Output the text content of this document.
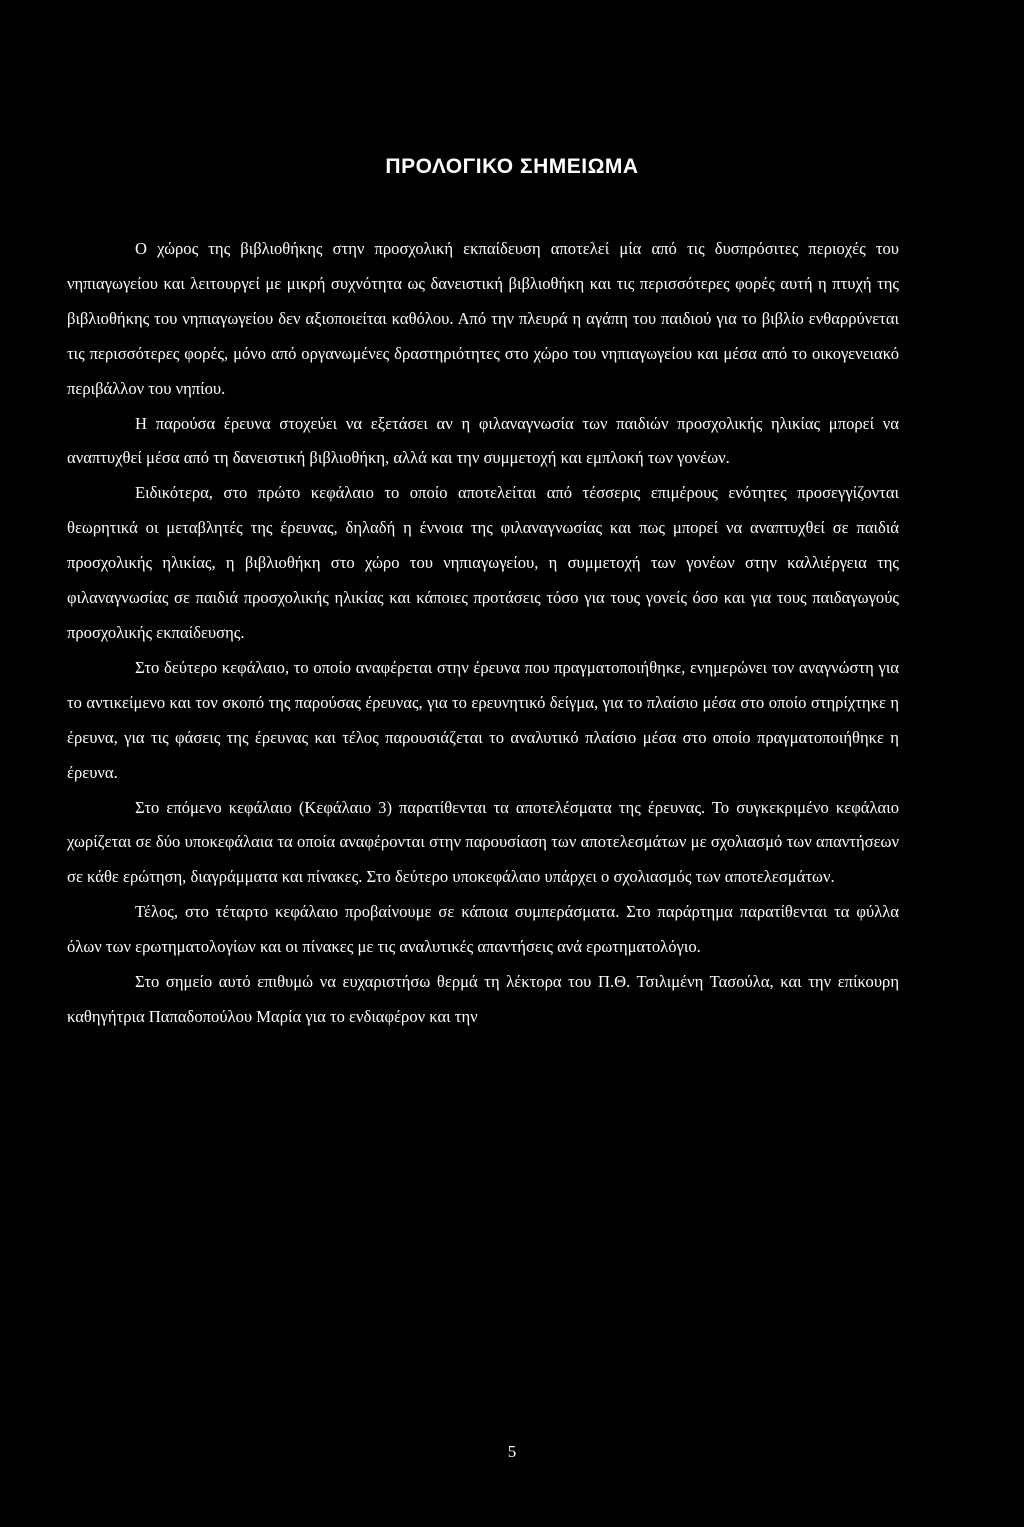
ΠΡΟΛΟΓΙΚΟ ΣΗΜΕΙΩΜΑ

Ο χώρος της βιβλιοθήκης στην προσχολική εκπαίδευση αποτελεί μία από τις δυσπρόσιτες περιοχές του νηπιαγωγείου και λειτουργεί με μικρή συχνότητα ως δανειστική βιβλιοθήκη και τις περισσότερες φορές αυτή η πτυχή της βιβλιοθήκης του νηπιαγωγείου δεν αξιοποιείται καθόλου. Από την πλευρά η αγάπη του παιδιού για το βιβλίο ενθαρρύνεται τις περισσότερες φορές, μόνο από οργανωμένες δραστηριότητες στο χώρο του νηπιαγωγείου και μέσα από το οικογενειακό περιβάλλον του νηπίου.

Η παρούσα έρευνα στοχεύει να εξετάσει αν η φιλαναγνωσία των παιδιών προσχολικής ηλικίας μπορεί να αναπτυχθεί μέσα από τη δανειστική βιβλιοθήκη, αλλά και την συμμετοχή και εμπλοκή των γονέων.

Ειδικότερα, στο πρώτο κεφάλαιο το οποίο αποτελείται από τέσσερις επιμέρους ενότητες προσεγγίζονται θεωρητικά οι μεταβλητές της έρευνας, δηλαδή η έννοια της φιλαναγνωσίας και πως μπορεί να αναπτυχθεί σε παιδιά προσχολικής ηλικίας, η βιβλιοθήκη στο χώρο του νηπιαγωγείου, η συμμετοχή των γονέων στην καλλιέργεια της φιλαναγνωσίας σε παιδιά προσχολικής ηλικίας και κάποιες προτάσεις τόσο για τους γονείς όσο και για τους παιδαγωγούς προσχολικής εκπαίδευσης.

Στο δεύτερο κεφάλαιο, το οποίο αναφέρεται στην έρευνα που πραγματοποιήθηκε, ενημερώνει τον αναγνώστη για το αντικείμενο και τον σκοπό της παρούσας έρευνας, για το ερευνητικό δείγμα, για το πλαίσιο μέσα στο οποίο στηρίχτηκε η έρευνα, για τις φάσεις της έρευνας και τέλος παρουσιάζεται το αναλυτικό πλαίσιο μέσα στο οποίο πραγματοποιήθηκε η έρευνα.

Στο επόμενο κεφάλαιο (Κεφάλαιο 3) παρατίθενται τα αποτελέσματα της έρευνας. Το συγκεκριμένο κεφάλαιο χωρίζεται σε δύο υποκεφάλαια τα οποία αναφέρονται στην παρουσίαση των αποτελεσμάτων με σχολιασμό των απαντήσεων σε κάθε ερώτηση, διαγράμματα και πίνακες. Στο δεύτερο υποκεφάλαιο υπάρχει ο σχολιασμός των αποτελεσμάτων.

Τέλος, στο τέταρτο κεφάλαιο προβαίνουμε σε κάποια συμπεράσματα. Στο παράρτημα παρατίθενται τα φύλλα όλων των ερωτηματολογίων και οι πίνακες με τις αναλυτικές απαντήσεις ανά ερωτηματολόγιο.

Στο σημείο αυτό επιθυμώ να ευχαριστήσω θερμά τη λέκτορα του Π.Θ. Τσιλιμένη Τασούλα, και την επίκουρη καθηγήτρια Παπαδοπούλου Μαρία για το ενδιαφέρον και την

5
